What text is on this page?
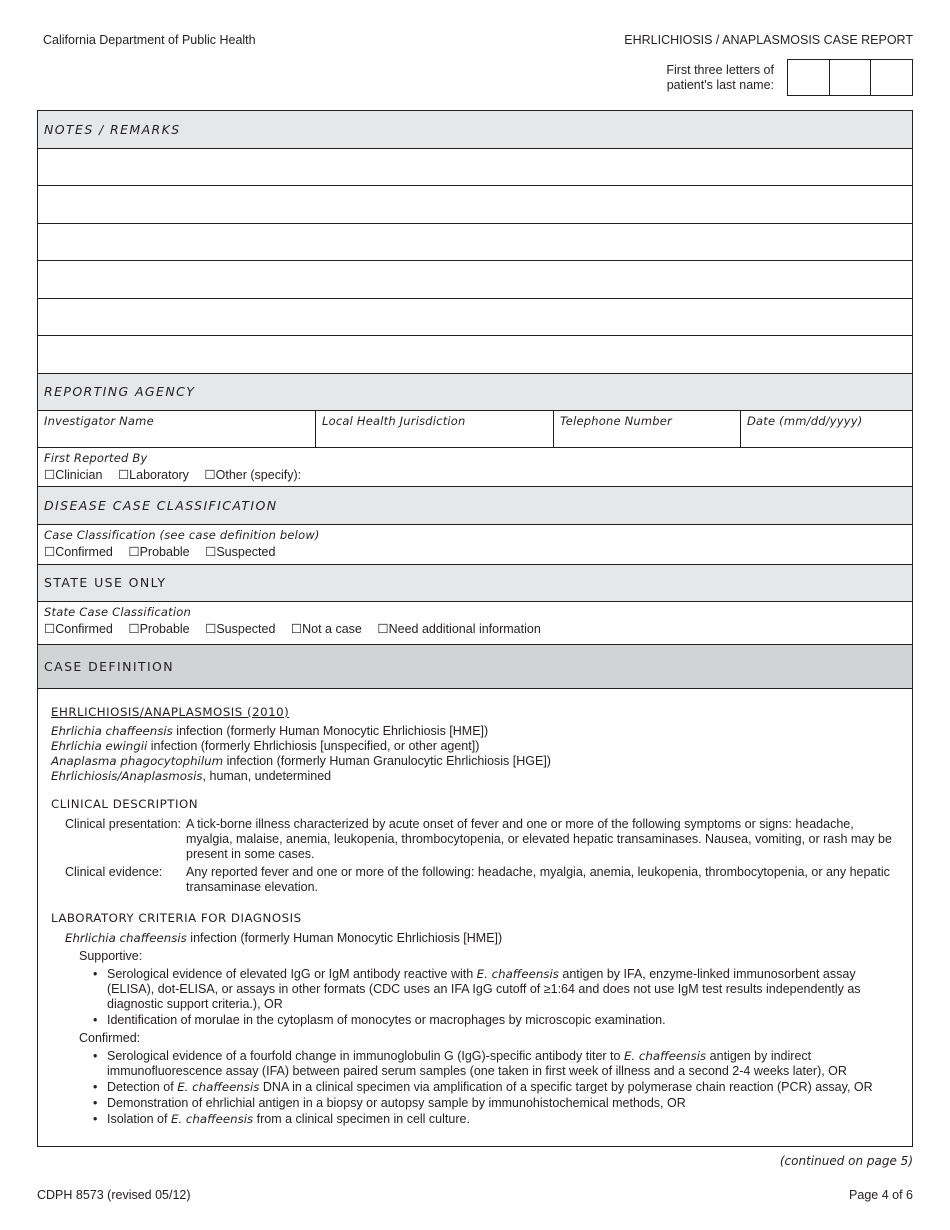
California Department of Public Health	EHRLICHIOSIS / ANAPLASMOSIS CASE REPORT
First three letters of
patient's last name:
NOTES / REMARKS
REPORTING AGENCY
Investigator Name	Local Health Jurisdiction	Telephone Number	Date (mm/dd/yyyy)
First Reported By
☐Clinician ☐Laboratory ☐Other (specify):
DISEASE CASE CLASSIFICATION
Case Classification (see case definition below)
☐Confirmed ☐Probable ☐Suspected
STATE USE ONLY
State Case Classification
☐Confirmed ☐Probable ☐Suspected ☐Not a case ☐Need additional information
CASE DEFINITION
EHRLICHIOSIS/ANAPLASMOSIS (2010)
Ehrlichia chaffeensis infection (formerly Human Monocytic Ehrlichiosis [HME])
Ehrlichia ewingii infection (formerly Ehrlichiosis [unspecified, or other agent])
Anaplasma phagocytophilum infection (formerly Human Granulocytic Ehrlichiosis [HGE])
Ehrlichiosis/Anaplasmosis, human, undetermined
CLINICAL DESCRIPTION
Clinical presentation: A tick-borne illness characterized by acute onset of fever and one or more of the following symptoms or signs: headache, myalgia, malaise, anemia, leukopenia, thrombocytopenia, or elevated hepatic transaminases. Nausea, vomiting, or rash may be present in some cases.
Clinical evidence:	Any reported fever and one or more of the following: headache, myalgia, anemia, leukopenia, thrombocytopenia, or any hepatic transaminase elevation.
LABORATORY CRITERIA FOR DIAGNOSIS
Ehrlichia chaffeensis infection (formerly Human Monocytic Ehrlichiosis [HME])
Supportive:
• Serological evidence of elevated IgG or IgM antibody reactive with E. chaffeensis antigen by IFA, enzyme-linked immunosorbent assay (ELISA), dot-ELISA, or assays in other formats (CDC uses an IFA IgG cutoff of ≥1:64 and does not use IgM test results independently as diagnostic support criteria.), OR
• Identification of morulae in the cytoplasm of monocytes or macrophages by microscopic examination.
Confirmed:
• Serological evidence of a fourfold change in immunoglobulin G (IgG)-specific antibody titer to E. chaffeensis antigen by indirect immunofluorescence assay (IFA) between paired serum samples (one taken in first week of illness and a second 2-4 weeks later), OR
• Detection of E. chaffeensis DNA in a clinical specimen via amplification of a specific target by polymerase chain reaction (PCR) assay, OR
• Demonstration of ehrlichial antigen in a biopsy or autopsy sample by immunohistochemical methods, OR
• Isolation of E. chaffeensis from a clinical specimen in cell culture.
(continued on page 5)
CDPH 8573 (revised 05/12)	Page 4 of 6
